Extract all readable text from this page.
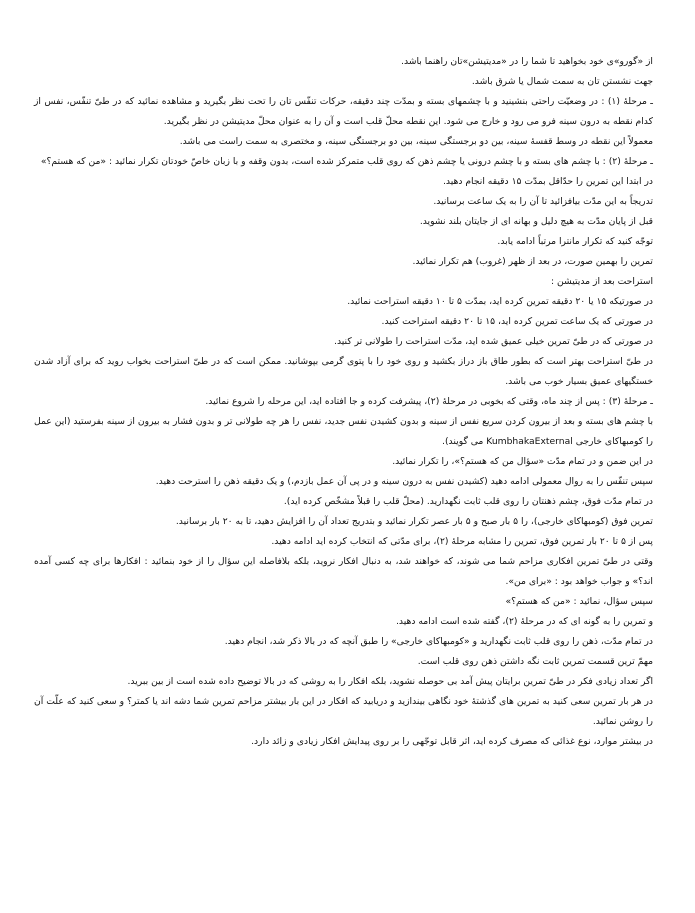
از «گورو»ی خود بخواهید تا شما را در «مدیتیشن»تان راهنما باشد.

جهت نشستن تان به سمت شمال یا شرق باشد.

ـ مرحلهٔ (۱) : در وضعیّت راحتی بنشینید و با چشمهای بسته و بمدّت چند دقیقه، حرکات تنفّس تان را تحت نظر بگیرید و مشاهده نمائید که در طیّ تنفّس، نفس از کدام نقطه به درون سینه فرو می رود و خارج می شود. این نقطه محلّ قلب است و آن را به عنوان محلّ مدیتیشن در نظر بگیرید.

معمولاً این نقطه در وسط قفسهٔ سینه، بین دو برجستگی سینه، بین دو برجستگی سینه، و مختصری به سمت راست می باشد.

ـ مرحلهٔ (۲) : با چشم های بسته و با چشم درونی یا چشم ذهن که روی قلب متمرکز شده است، بدون وقفه و با زبان خاصّ خودتان تکرار نمائید : «من که هستم؟»

در ابتدا این تمرین را حدّاقل بمدّت ۱۵ دقیقه انجام دهید.

تدریجاً به این مدّت بیافزائید تا آن را به یک ساعت برسانید.

قبل از پایان مدّت به هیچ دلیل و بهانه ای از جایتان بلند نشوید.

توجّه کنید که تکرار مانترا مرتباً ادامه یابد.

تمرین را بهمین صورت، در بعد از ظهر (غروب) هم تکرار نمائید.

استراحت بعد از مدیتیشن :

در صورتیکه ۱۵ یا ۲۰ دقیقه تمرین کرده اید، بمدّت ۵ تا ۱۰ دقیقه استراحت نمائید.

در صورتی که یک ساعت تمرین کرده اید، ۱۵ تا ۲۰ دقیقه استراحت کنید.

در صورتی که در طیّ تمرین خیلی عمیق شده اید، مدّت استراحت را طولانی تر کنید.

در طیّ استراحت بهتر است که بطور طاق باز دراز بکشید و روی خود را با پتوی گرمی بپوشانید. ممکن است که در طیّ استراحت بخواب روید که برای آزاد شدن خستگیهای عمیق بسیار خوب می باشد.

ـ مرحلهٔ (۳) : پس از چند ماه، وقتی که بخوبی در مرحلهٔ (۲)، پیشرفت کرده و جا افتاده اید، این مرحله را شروع نمائید.

با چشم های بسته و بعد از بیرون کردن سریع نفس از سینه و بدون کشیدن نفس جدید، نفس را هر چه طولانی تر و بدون فشار به بیرون از سینه بفرستید (این عمل را کومبهاکای خارجی KumbhakaExternal می گویند).

در این ضمن و در تمام مدّت «سؤال من که هستم؟»، را تکرار نمائید.

سپس تنفّس را به روال معمولی ادامه دهید (کشیدن نفس به درون سینه و در پی آن عمل بازدم،) و یک دقیقه ذهن را استرحت دهید.

در تمام مدّت فوق، چشم ذهنتان را روی قلب ثابت نگهدارید. (محلّ قلب را قبلاً مشخّص کرده اید).

تمرین فوق (کومبهاکای خارجی)، را ۵ بار صبح و ۵ بار عصر تکرار نمائید و بتدریج تعداد آن را افزایش دهید، تا به ۲۰ بار برسانید.

پس از ۵ تا ۲۰ بار تمرین فوق، تمرین را مشابه مرحلهٔ (۲)، برای مدّتی که انتخاب کرده اید ادامه دهید.

وقتی در طیّ تمرین افکاری مزاحم شما می شوند، که خواهند شد، به دنبال افکار نروید، بلکه بلافاصله این سؤال را از خود بنمائید : افکارها برای چه کسی آمده اند؟» و جواب خواهد بود : «برای من».

سپس سؤال، نمائید : «من که هستم؟»

و تمرین را به گونه ای که در مرحلهٔ (۲)، گفته شده است ادامه دهید.

در تمام مدّت، ذهن را روی قلب ثابت نگهدارید و «کومبهاکای خارجی» را طبق آنچه که در بالا ذکر شد، انجام دهید.

مهمّ ترین قسمت تمرین ثابت نگه داشتن ذهن روی قلب است.

اگر تعداد زیادی فکر در طیّ تمرین برایتان پیش آمد بی حوصله نشوید، بلکه افکار را به روشی که در بالا توضیح داده شده است از بین ببرید.

در هر بار تمرین سعی کنید به تمرین های گذشتهٔ خود نگاهی بیندازید و دریابید که افکار در این بار بیشتر مزاحم تمرین شما دشه اند یا کمتر؟ و سعی کنید که علّت آن را روشن نمائید.

در بیشتر موارد، نوع غذائی که مصرف کرده اید، اثر قابل توجّهی را بر روی پیدایش افکار زیادی و زائد دارد.
